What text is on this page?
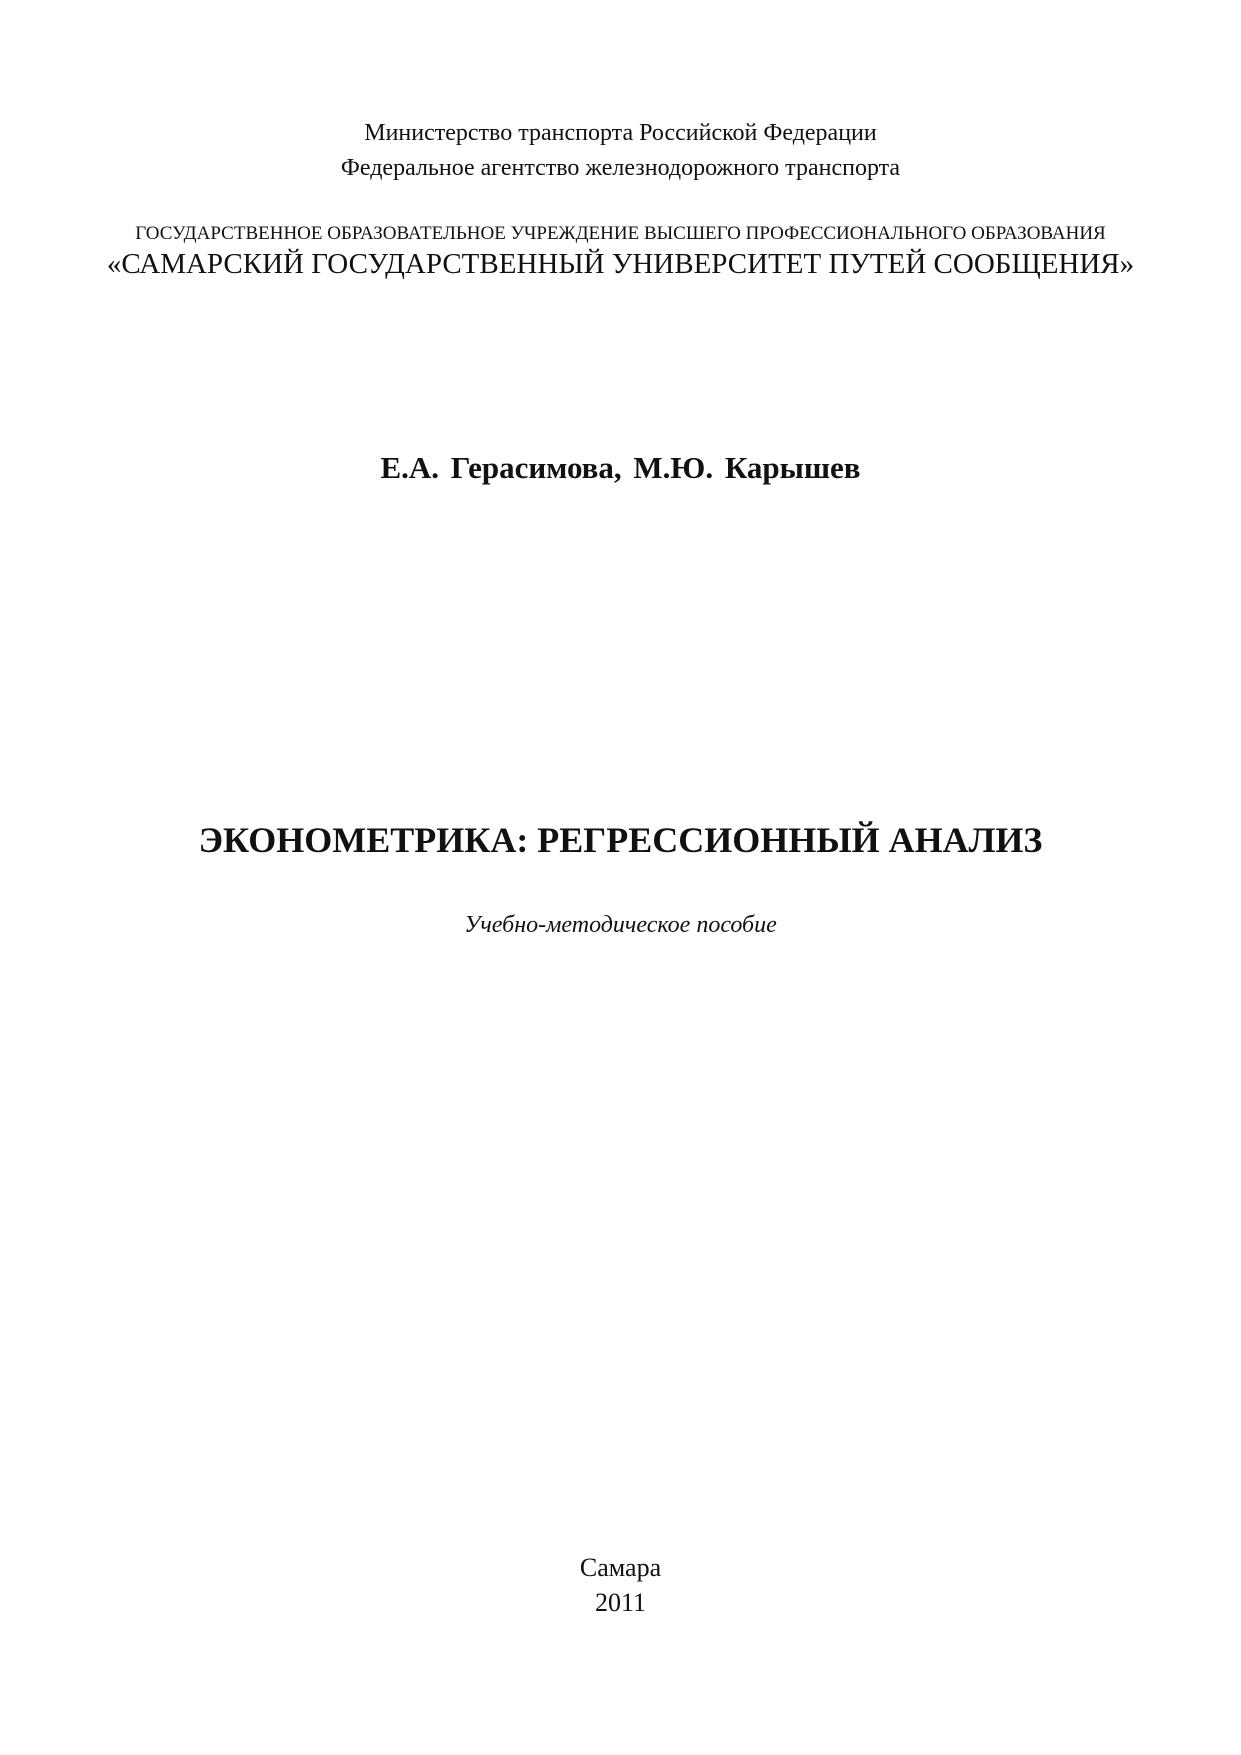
Министерство транспорта Российской Федерации
Федеральное агентство железнодорожного транспорта
ГОСУДАРСТВЕННОЕ ОБРАЗОВАТЕЛЬНОЕ УЧРЕЖДЕНИЕ ВЫСШЕГО ПРОФЕССИОНАЛЬНОГО ОБРАЗОВАНИЯ
«САМАРСКИЙ ГОСУДАРСТВЕННЫЙ УНИВЕРСИТЕТ ПУТЕЙ СООБЩЕНИЯ»
Е.А. Герасимова, М.Ю. Карышев
ЭКОНОМЕТРИКА: РЕГРЕССИОННЫЙ АНАЛИЗ
Учебно-методическое пособие
Самара
2011
